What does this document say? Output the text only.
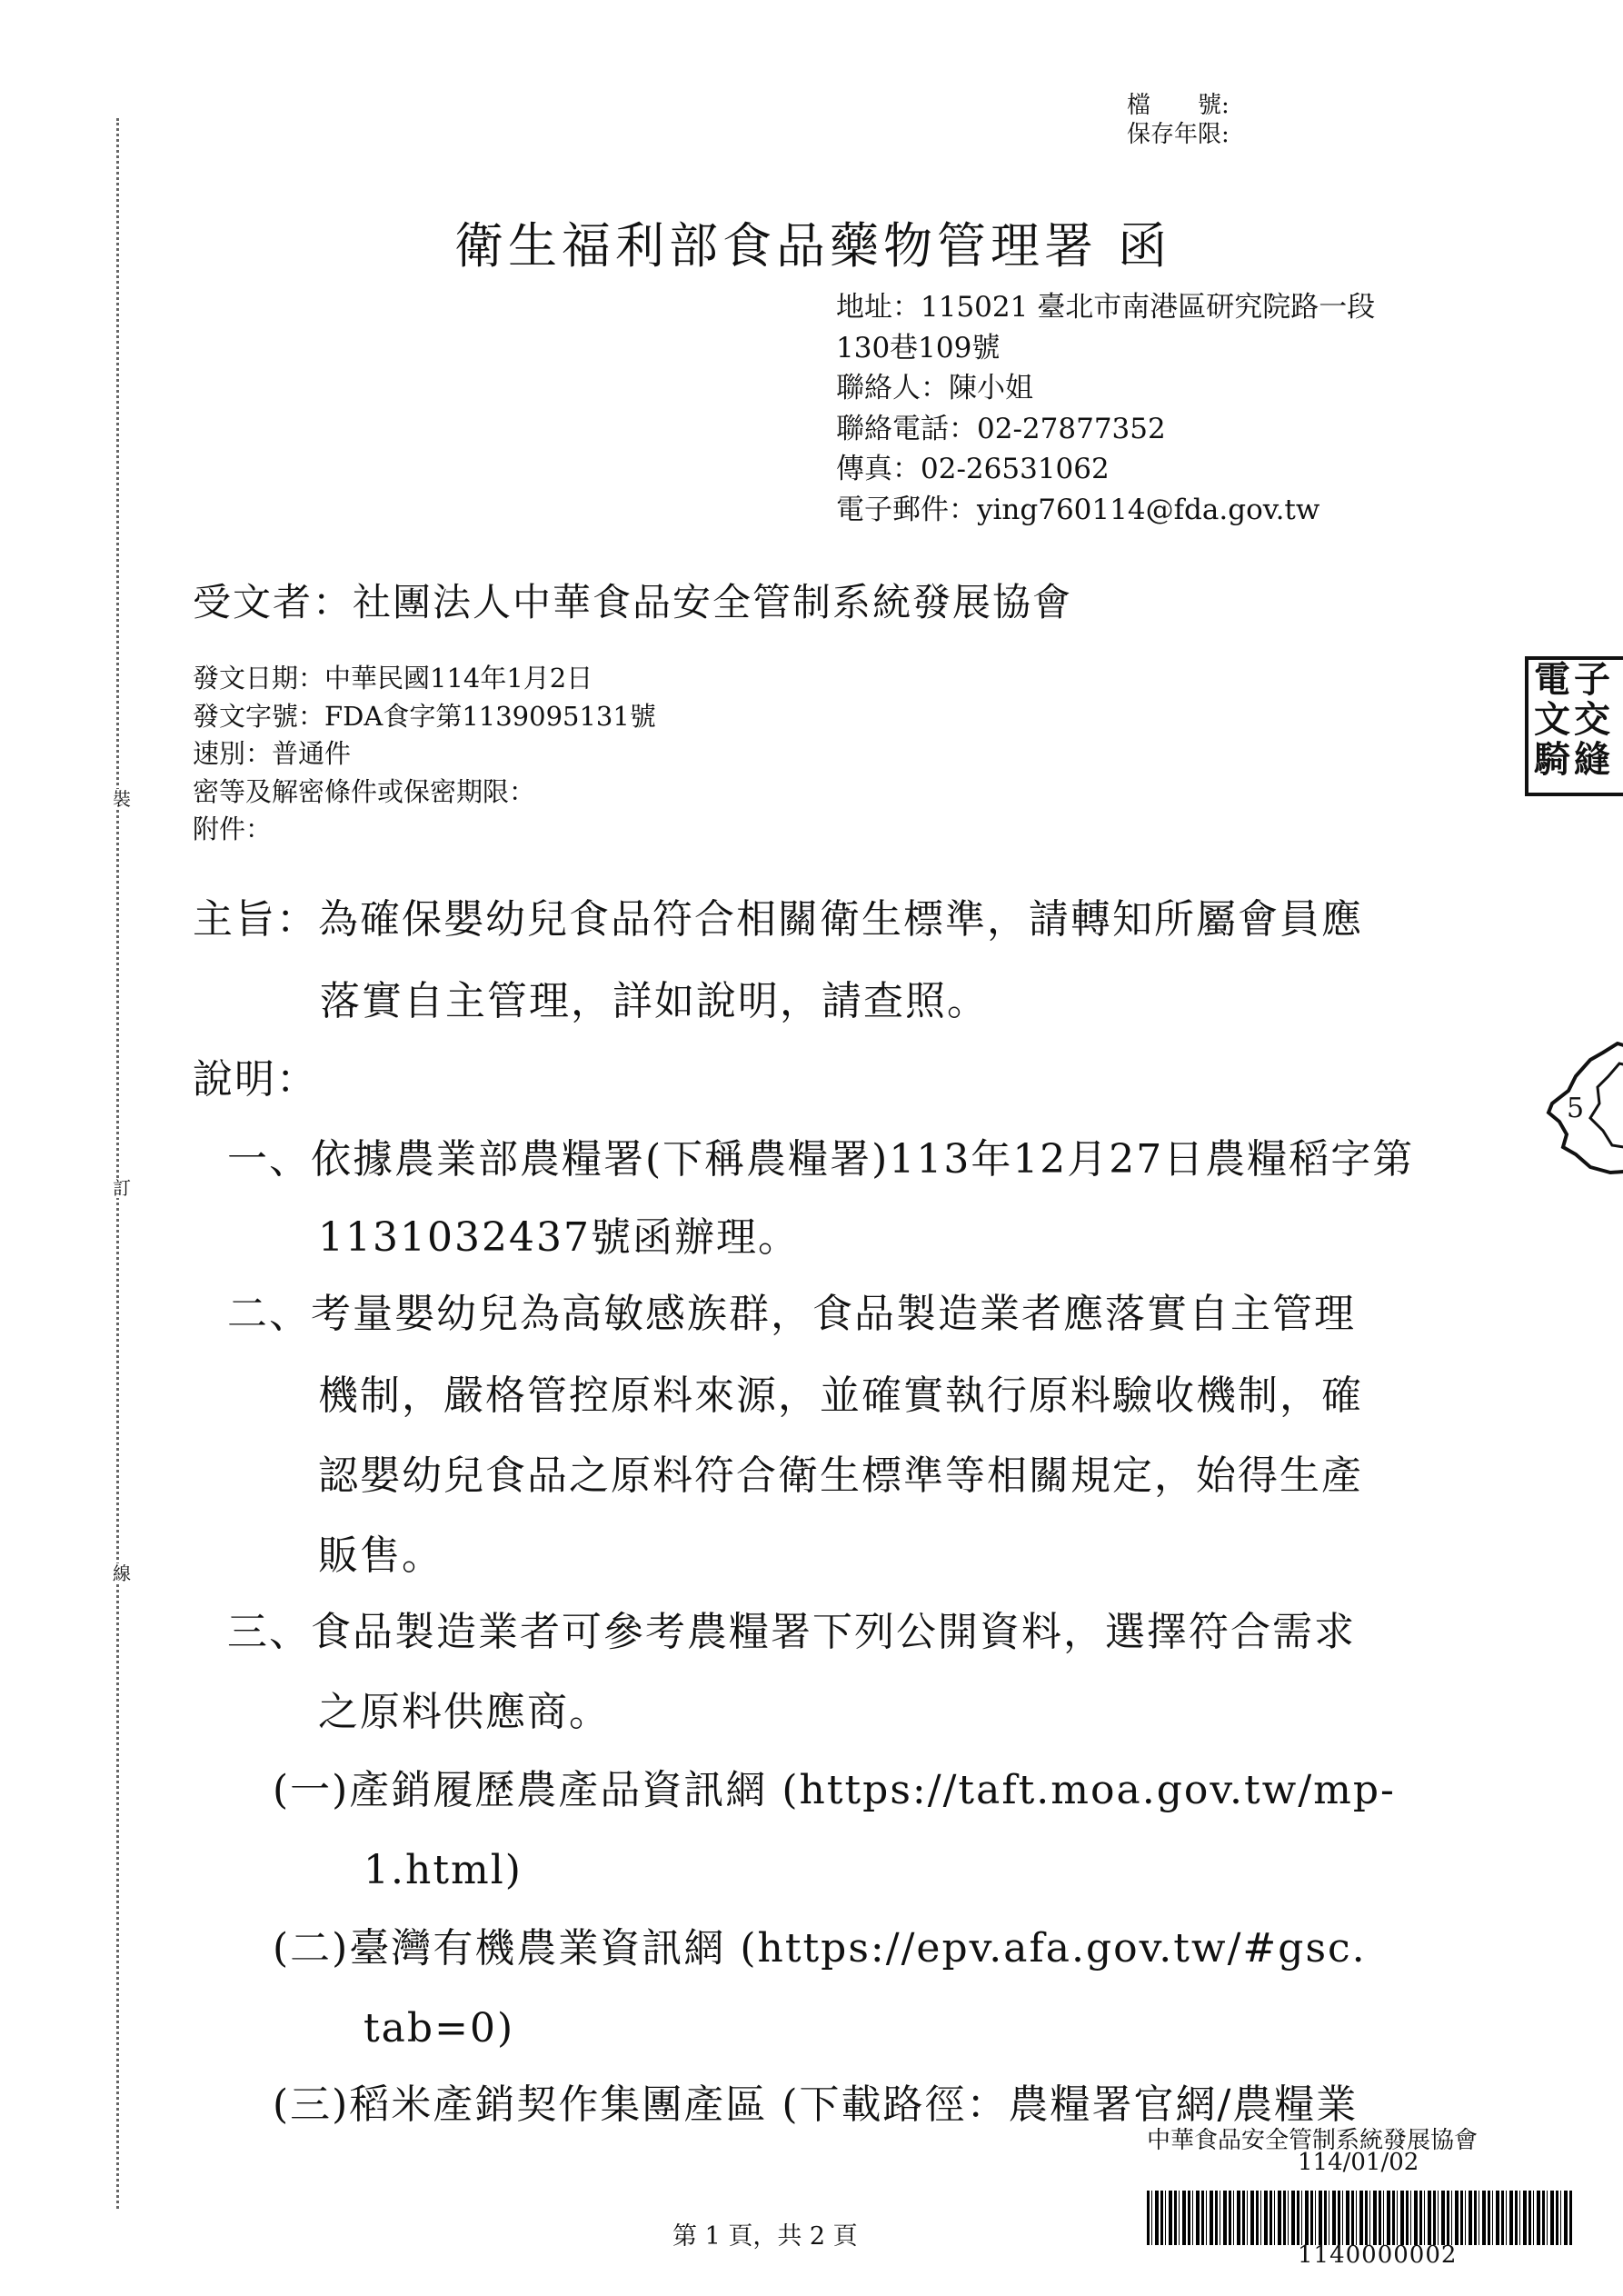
裝
訂
線
檔　　號:
保存年限:
衛生福利部食品藥物管理署 函
地址：115021 臺北市南港區研究院路一段
130巷109號
聯絡人：陳小姐
聯絡電話：02-27877352
傳真：02-26531062
電子郵件：ying760114@fda.gov.tw
受文者：社團法人中華食品安全管制系統發展協會
發文日期：中華民國114年1月2日
發文字號：FDA食字第1139095131號
速別：普通件
密等及解密條件或保密期限：
附件：
主旨：為確保嬰幼兒食品符合相關衛生標準，請轉知所屬會員應
落實自主管理，詳如說明，請查照。
說明：
一、依據農業部農糧署(下稱農糧署)113年12月27日農糧稻字第
1131032437號函辦理。
二、考量嬰幼兒為高敏感族群，食品製造業者應落實自主管理
機制，嚴格管控原料來源，並確實執行原料驗收機制，確
認嬰幼兒食品之原料符合衛生標準等相關規定，始得生產
販售。
三、食品製造業者可參考農糧署下列公開資料，選擇符合需求
之原料供應商。
(一)產銷履歷農產品資訊網 (https://taft.moa.gov.tw/mp-
1.html)
(二)臺灣有機農業資訊網 (https://epv.afa.gov.tw/#gsc.
tab=0)
(三)稻米產銷契作集團產區 (下載路徑：農糧署官網/農糧業
電子
文交
騎縫
5
中華食品安全管制系統發展協會
114/01/02
第 1 頁，共 2 頁
1140000002
